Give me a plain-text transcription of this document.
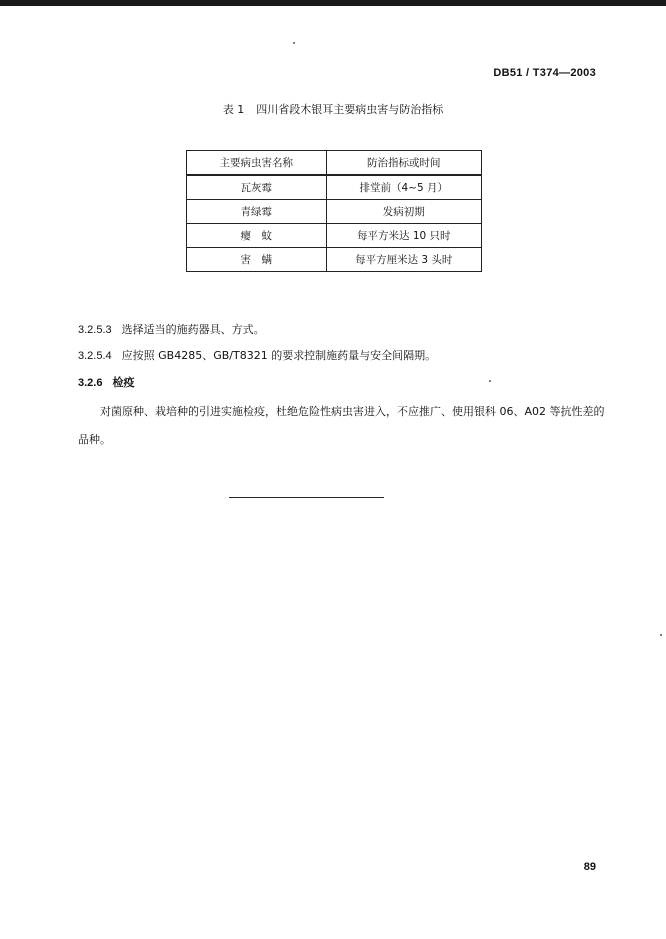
DB51 / T374—2003
表 1 四川省段木银耳主要病虫害与防治指标
主要病虫害名称	防治指标或时间
瓦灰霉	排堂前（4~5 月）
青绿霉	发病初期
瘿　蚊	每平方米达 10 只时
害　螨	每平方厘米达 3 头时
3.2.5.3 选择适当的施药器具、方式。
3.2.5.4 应按照 GB4285、GB/T8321 的要求控制施药量与安全间隔期。
3.2.6 检疫
对菌原种、栽培种的引进实施检疫，杜绝危险性病虫害进入，不应推广、使用银科 06、A02 等抗性差的品种。
89
